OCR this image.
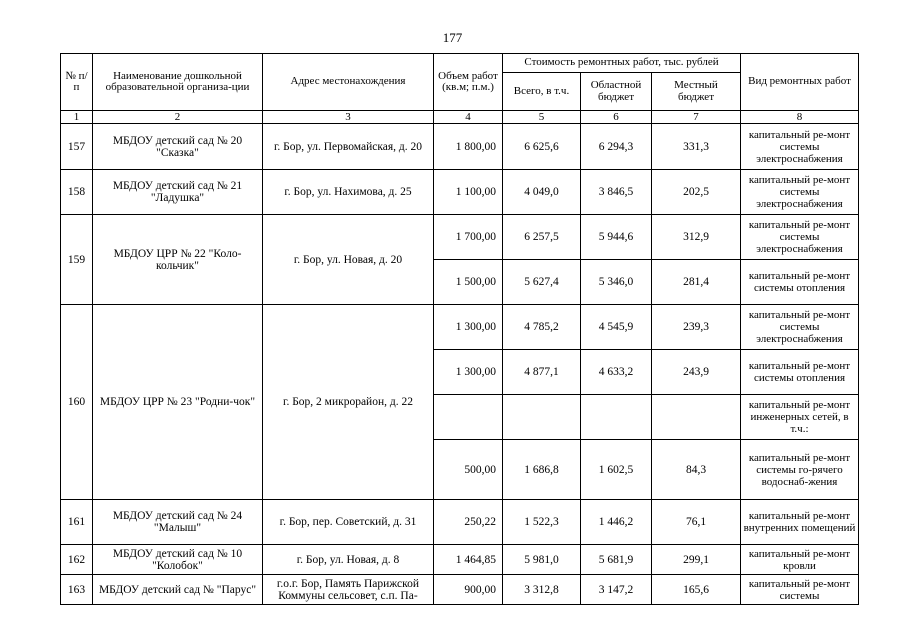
177
№ п/п	Наименование дошкольной образовательной организа-ции	Адрес местонахождения	Объем работ (кв.м; п.м.)	Стоимость ремонтных работ, тыс. рублей			Вид ремонтных работ
				Всего, в т.ч.	Областной бюджет	Местный бюджет	
1	2	3	4	5	6	7	8
157	МБДОУ детский сад № 20 "Сказка"	г. Бор, ул. Первомайская, д. 20	1 800,00	6 625,6	6 294,3	331,3	капитальный ре-монт системы электроснабжения
158	МБДОУ детский сад № 21 "Ладушка"	г. Бор, ул. Нахимова, д. 25	1 100,00	4 049,0	3 846,5	202,5	капитальный ре-монт системы электроснабжения
159	МБДОУ ЦРР № 22 "Коло-кольчик"	г. Бор, ул. Новая, д. 20	1 700,00	6 257,5	5 944,6	312,9	капитальный ре-монт системы электроснабжения
			1 500,00	5 627,4	5 346,0	281,4	капитальный ре-монт системы отопления
160	МБДОУ ЦРР № 23 "Родни-чок"	г. Бор, 2 микрорайон, д. 22	1 300,00	4 785,2	4 545,9	239,3	капитальный ре-монт системы электроснабжения
			1 300,00	4 877,1	4 633,2	243,9	капитальный ре-монт системы отопления
							капитальный ре-монт инженерных сетей, в т.ч.:
			500,00	1 686,8	1 602,5	84,3	капитальный ре-монт системы го-рячего водоснаб-жения
161	МБДОУ детский сад № 24 "Малыш"	г. Бор, пер. Советский, д. 31	250,22	1 522,3	1 446,2	76,1	капитальный ре-монт внутренних помещений
162	МБДОУ детский сад № 10 "Колобок"	г. Бор, ул. Новая, д. 8	1 464,85	5 981,0	5 681,9	299,1	капитальный ре-монт кровли
163	МБДОУ детский сад № "Парус"	г.о.г. Бор, Память Парижской Коммуны сельсовет, с.п. Па-	900,00	3 312,8	3 147,2	165,6	капитальный ре-монт системы
